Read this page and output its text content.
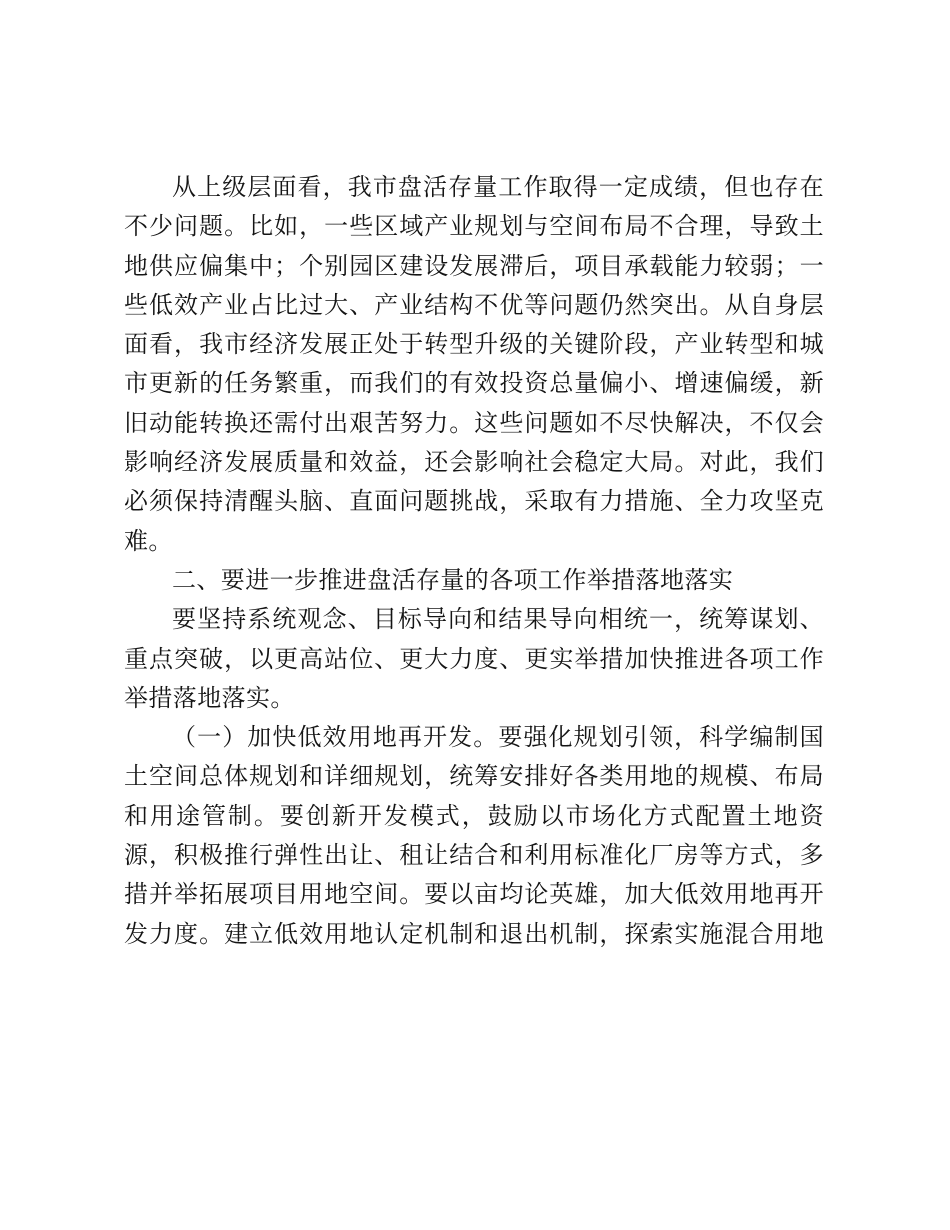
从上级层面看，我市盘活存量工作取得一定成绩，但也存在
不少问题。比如，一些区域产业规划与空间布局不合理，导致土
地供应偏集中；个别园区建设发展滞后，项目承载能力较弱；一
些低效产业占比过大、产业结构不优等问题仍然突出。从自身层
面看，我市经济发展正处于转型升级的关键阶段，产业转型和城
市更新的任务繁重，而我们的有效投资总量偏小、增速偏缓，新
旧动能转换还需付出艰苦努力。这些问题如不尽快解决，不仅会
影响经济发展质量和效益，还会影响社会稳定大局。对此，我们
必须保持清醒头脑、直面问题挑战，采取有力措施、全力攻坚克
难。
二、要进一步推进盘活存量的各项工作举措落地落实
要坚持系统观念、目标导向和结果导向相统一，统筹谋划、
重点突破，以更高站位、更大力度、更实举措加快推进各项工作
举措落地落实。
（一）加快低效用地再开发。要强化规划引领，科学编制国
土空间总体规划和详细规划，统筹安排好各类用地的规模、布局
和用途管制。要创新开发模式，鼓励以市场化方式配置土地资
源，积极推行弹性出让、租让结合和利用标准化厂房等方式，多
措并举拓展项目用地空间。要以亩均论英雄，加大低效用地再开
发力度。建立低效用地认定机制和退出机制，探索实施混合用地
